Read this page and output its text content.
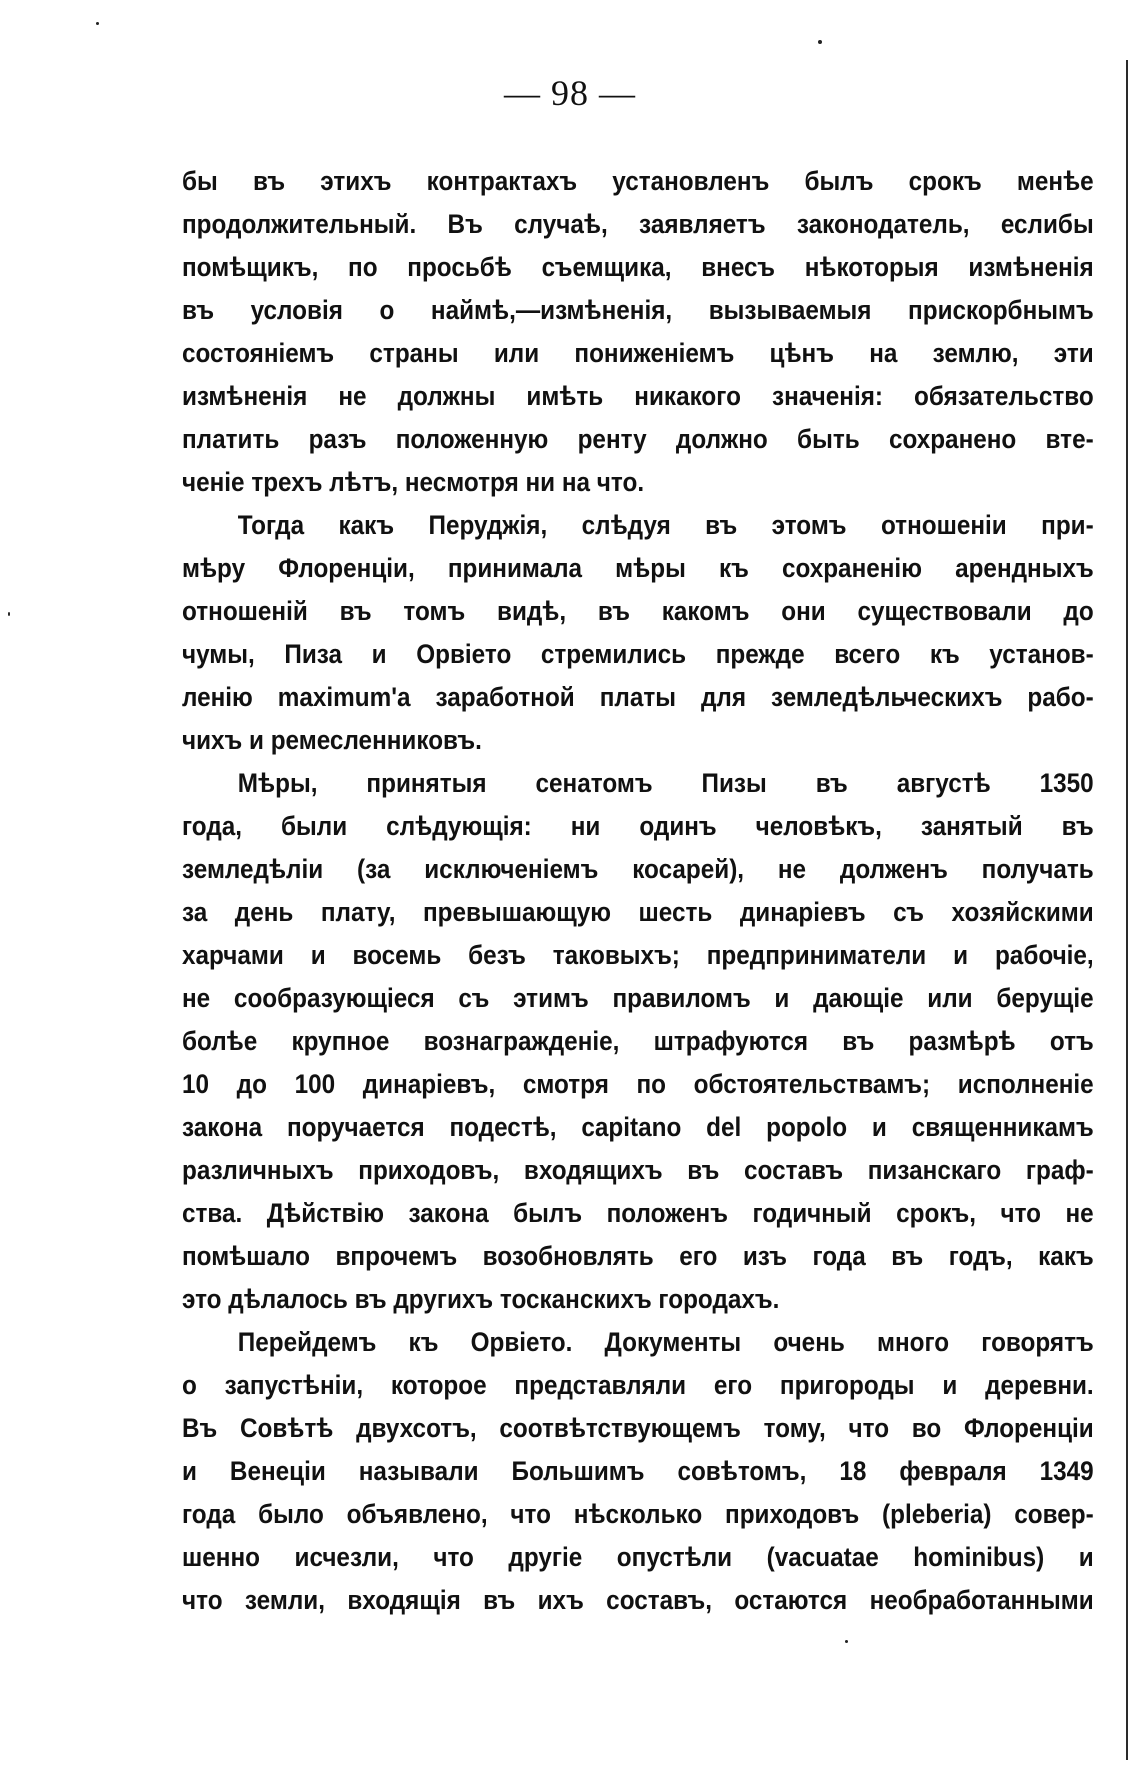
— 98 —
бы въ этихъ контрактахъ установленъ былъ срокъ менѣе
продолжительный. Въ случаѣ, заявляетъ законодатель, еслибы
помѣщикъ, по просьбѣ съемщика, внесъ нѣкоторыя измѣненія
въ условія о наймѣ,—измѣненія, вызываемыя прискорбнымъ
состояніемъ страны или пониженіемъ цѣнъ на землю, эти
измѣненія не должны имѣть никакого значенія: обязательство
платить разъ положенную ренту должно быть сохранено вте-
ченіе трехъ лѣтъ, несмотря ни на что.
Тогда какъ Перуджія, слѣдуя въ этомъ отношеніи при-
мѣру Флоренціи, принимала мѣры къ сохраненію арендныхъ
отношеній въ томъ видѣ, въ какомъ они существовали до
чумы, Пиза и Орвіето стремились прежде всего къ установ-
ленію maximum'а заработной платы для земледѣльческихъ рабо-
чихъ и ремесленниковъ.
Мѣры, принятыя сенатомъ Пизы въ августѣ 1350
года, были слѣдующія: ни одинъ человѣкъ, занятый въ
земледѣліи (за исключеніемъ косарей), не долженъ получать
за день плату, превышающую шесть динаріевъ съ хозяйскими
харчами и восемь безъ таковыхъ; предприниматели и рабочіе,
не сообразующіеся съ этимъ правиломъ и дающіе или берущіе
болѣе крупное вознагражденіе, штрафуются въ размѣрѣ отъ
10 до 100 динаріевъ, смотря по обстоятельствамъ; исполненіе
закона поручается подестѣ, capitano del popolo и священникамъ
различныхъ приходовъ, входящихъ въ составъ пизанскаго граф-
ства. Дѣйствію закона былъ положенъ годичный срокъ, что не
помѣшало впрочемъ возобновлять его изъ года въ годъ, какъ
это дѣлалось въ другихъ тосканскихъ городахъ.
Перейдемъ къ Орвіето. Документы очень много говорятъ
о запустѣніи, которое представляли его пригороды и деревни.
Въ Совѣтѣ двухсотъ, соотвѣтствующемъ тому, что во Флоренціи
и Венеціи называли Большимъ совѣтомъ, 18 февраля 1349
года было объявлено, что нѣсколько приходовъ (pleberia) совер-
шенно исчезли, что другіе опустѣли (vacuatae hominibus) и
что земли, входящія въ ихъ составъ, остаются необработанными
